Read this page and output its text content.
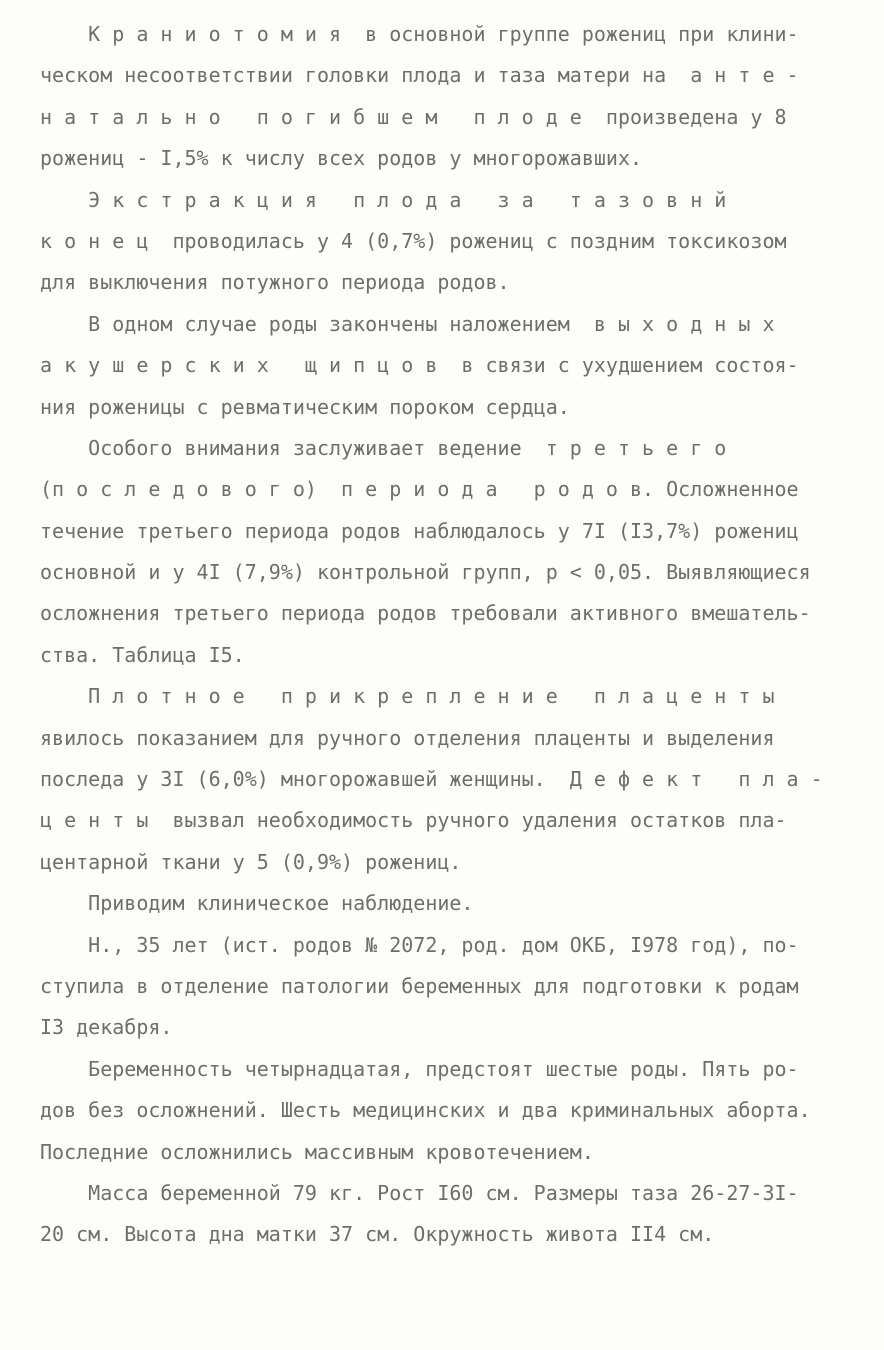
К р а н и о т о м и я  в основной группе рожениц при клини-
ческом несоответствии головки плода и таза матери на  а н т е -
н а т а л ь н о   п о г и б ш е м   п л о д е  произведена у 8
рожениц - I,5% к числу всех родов у многорожавших.
Э к с т р а к ц и я   п л о д а   з а   т а з о в н й
к о н е ц  проводилась у 4 (0,7%) рожениц с поздним токсикозом
для выключения потужного периода родов.
В одном случае роды закончены наложением  в ы х о д н ы х
а к у ш е р с к и х   щ и п ц о в  в связи с ухудшением состоя-
ния роженицы с ревматическим пороком сердца.
Особого внимания заслуживает ведение  т р е т ь е г о
(п о с л е д о в о г о)  п е р и о д а   р о д о в. Осложненное
течение третьего периода родов наблюдалось у 7I (I3,7%) рожениц
основной и у 4I (7,9%) контрольной групп, p < 0,05. Выявляющиеся
осложнения третьего периода родов требовали активного вмешатель-
ства. Таблица I5.
П л о т н о е   п р и к р е п л е н и е   п л а ц е н т ы
явилось показанием для ручного отделения плаценты и выделения
последа у 3I (6,0%) многорожавшей женщины.  Д е ф е к т   п л а -
ц е н т ы  вызвал необходимость ручного удаления остатков пла-
центарной ткани у 5 (0,9%) рожениц.
Приводим клиническое наблюдение.
Н., 35 лет (ист. родов № 2072, род. дом ОКБ, I978 год), по-
ступила в отделение патологии беременных для подготовки к родам
I3 декабря.
Беременность четырнадцатая, предстоят шестые роды. Пять ро-
дов без осложнений. Шесть медицинских и два криминальных аборта.
Последние осложнились массивным кровотечением.
Масса беременной 79 кг. Рост I60 см. Размеры таза 26-27-3I-
20 см. Высота дна матки 37 см. Окружность живота II4 см.
